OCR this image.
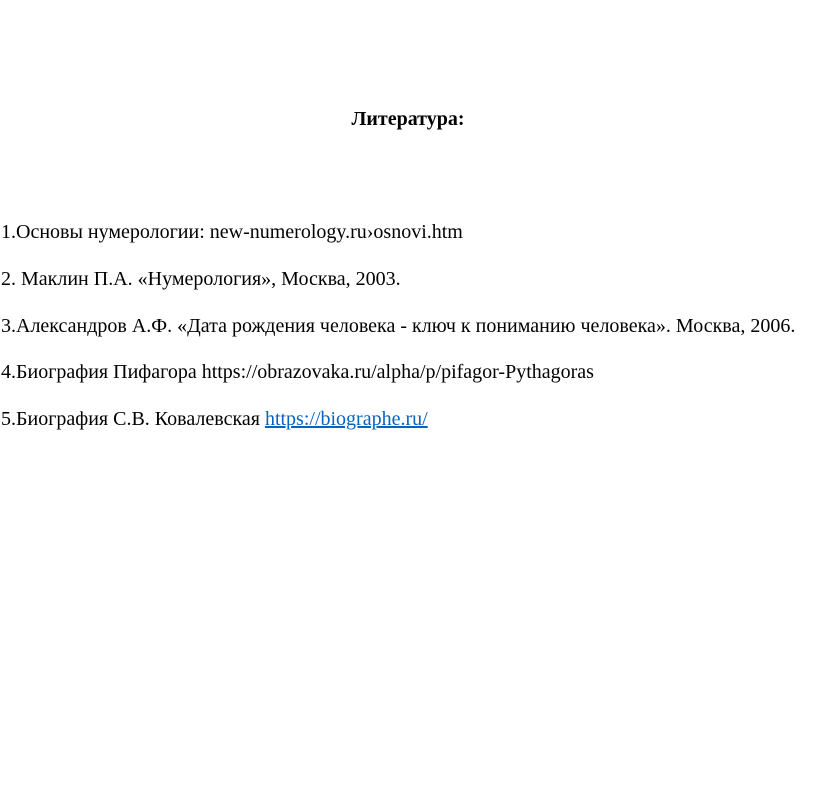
Литература:
1.Основы нумерологии: new-numerology.ru›osnovi.htm
2. Маклин П.А. «Нумерология», Москва, 2003.
3.Александров А.Ф. «Дата рождения человека - ключ к пониманию человека». Москва, 2006.
4.Биография Пифагора https://obrazovaka.ru/alpha/p/pifagor-Pythagoras
5.Биография С.В. Ковалевская https://biographe.ru/
